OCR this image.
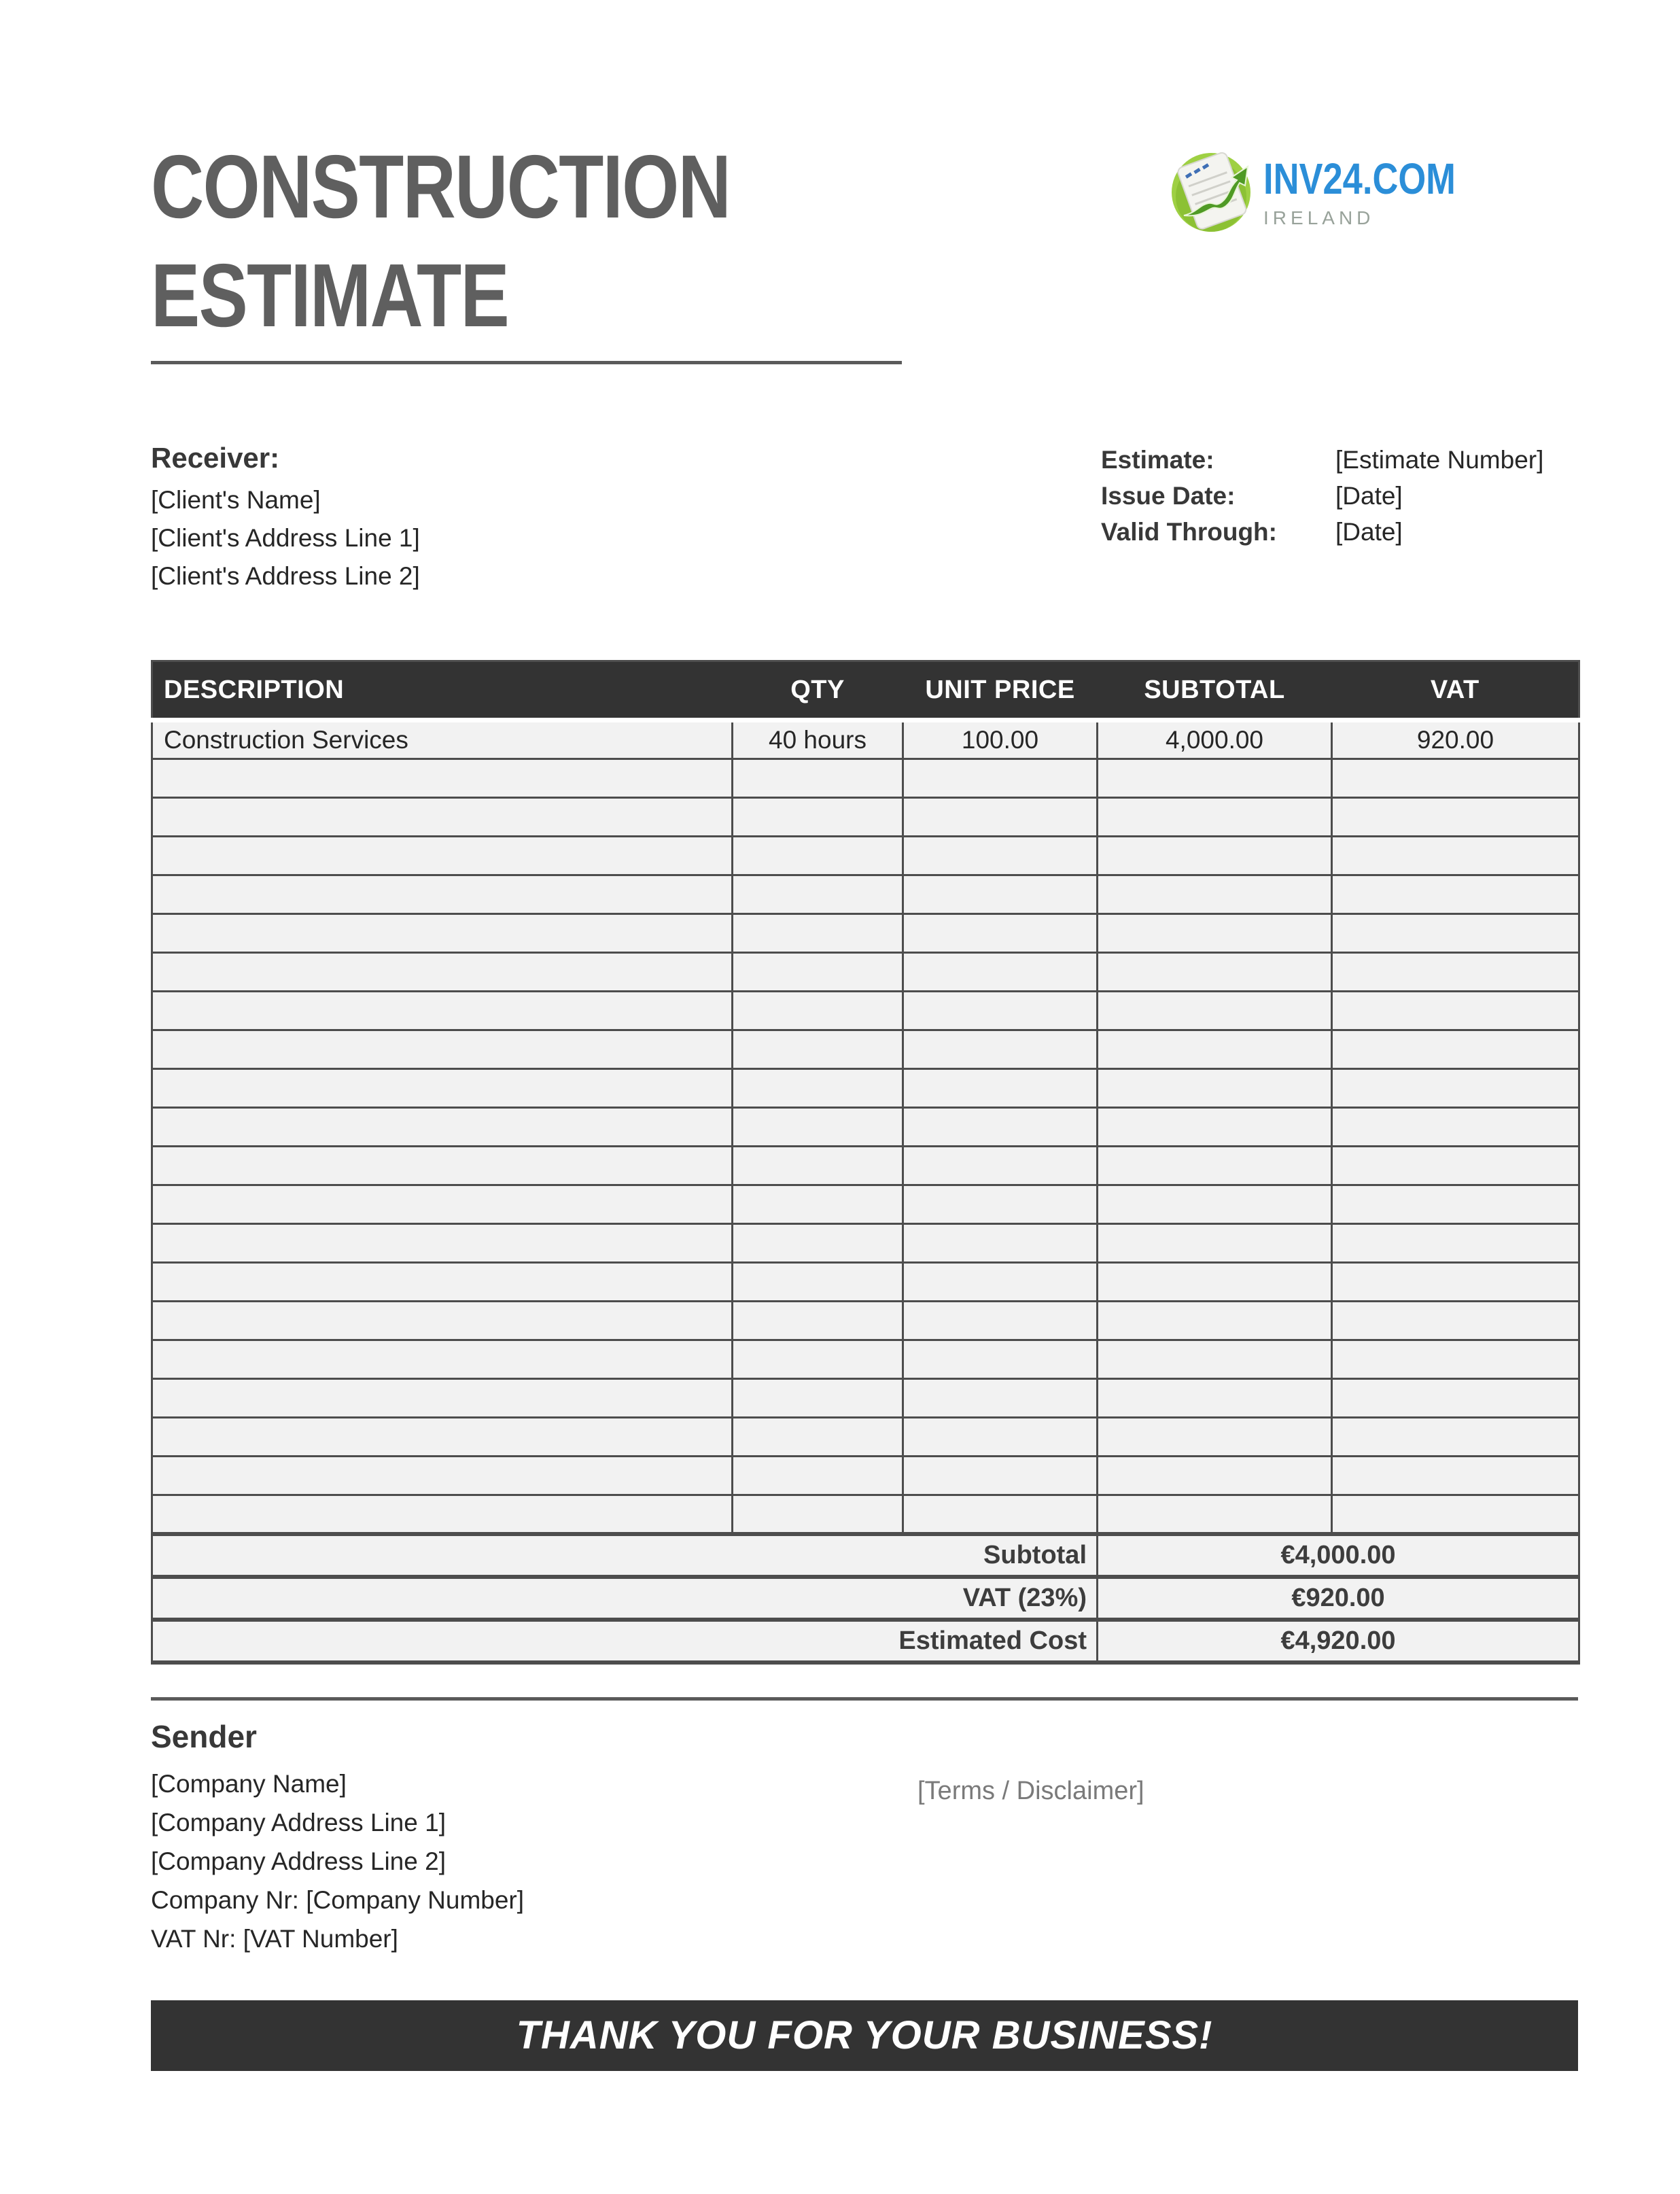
CONSTRUCTION
ESTIMATE
INV24.COM
IRELAND
Receiver:
[Client's Name]
[Client's Address Line 1]
[Client's Address Line 2]
Estimate:	[Estimate Number]
Issue Date:	[Date]
Valid Through:	[Date]
DESCRIPTION	QTY	UNIT PRICE	SUBTOTAL	VAT
Construction Services	40 hours	100.00	4,000.00	920.00

Subtotal			€4,000.00	
VAT (23%)			€920.00	
Estimated Cost			€4,920.00	
Sender
[Company Name]
[Company Address Line 1]
[Company Address Line 2]
Company Nr: [Company Number]
VAT Nr: [VAT Number]
[Terms / Disclaimer]
THANK YOU FOR YOUR BUSINESS!
